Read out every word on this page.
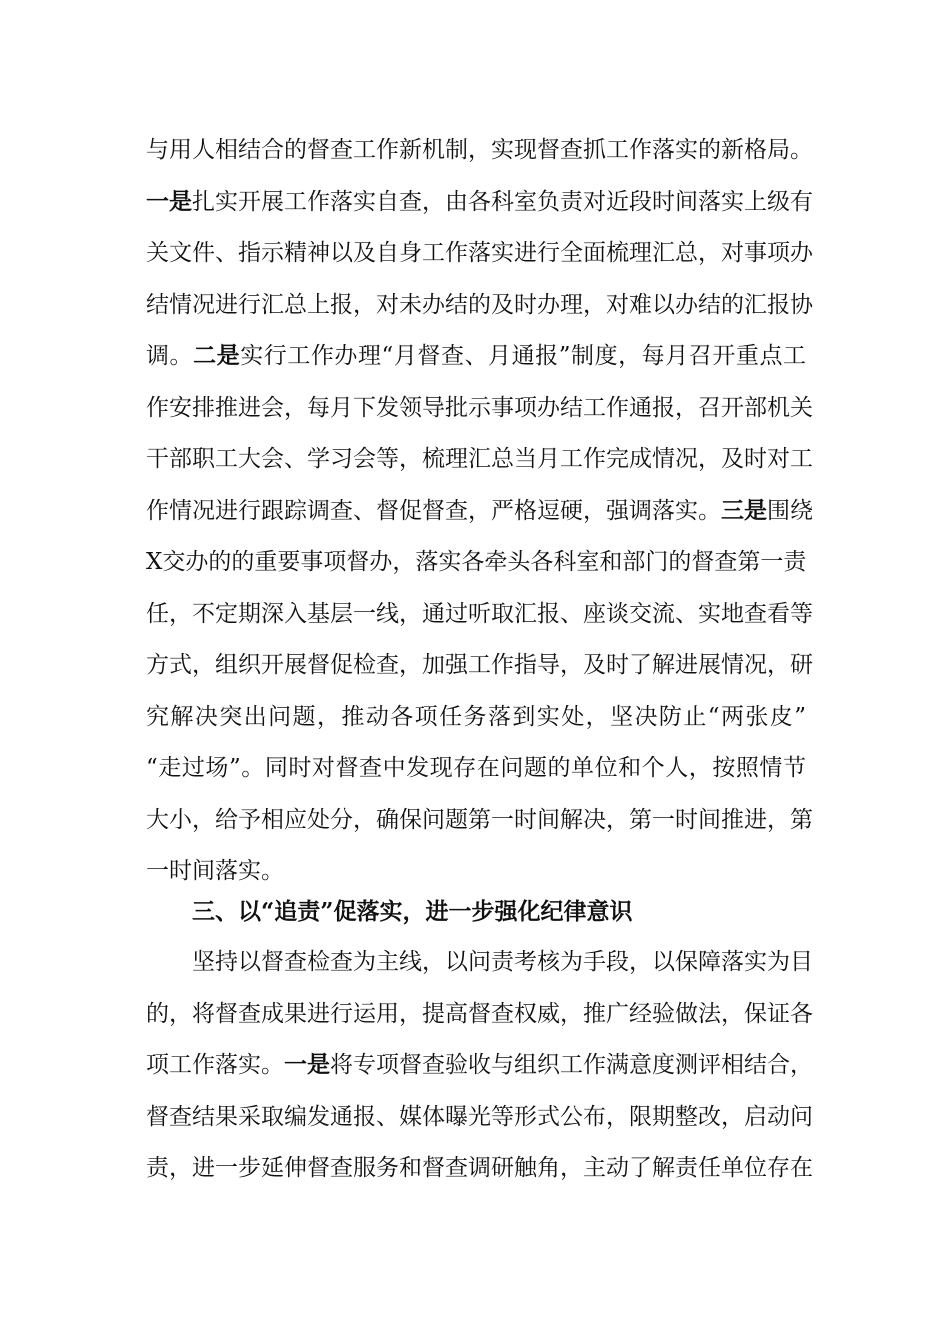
与用人相结合的督查工作新机制，实现督查抓工作落实的新格局。
一是扎实开展工作落实自查，由各科室负责对近段时间落实上级有
关文件、指示精神以及自身工作落实进行全面梳理汇总，对事项办
结情况进行汇总上报，对未办结的及时办理，对难以办结的汇报协
调。二是实行工作办理“月督查、月通报”制度，每月召开重点工
作安排推进会，每月下发领导批示事项办结工作通报，召开部机关
干部职工大会、学习会等，梳理汇总当月工作完成情况，及时对工
作情况进行跟踪调查、督促督查，严格逗硬，强调落实。三是围绕
X交办的的重要事项督办，落实各牵头各科室和部门的督查第一责
任，不定期深入基层一线，通过听取汇报、座谈交流、实地查看等
方式，组织开展督促检查，加强工作指导，及时了解进展情况，研
究解决突出问题，推动各项任务落到实处，坚决防止“两张皮”
“走过场”。同时对督查中发现存在问题的单位和个人，按照情节
大小，给予相应处分，确保问题第一时间解决，第一时间推进，第
一时间落实。
三、以“追责”促落实，进一步强化纪律意识
坚持以督查检查为主线，以问责考核为手段，以保障落实为目
的，将督查成果进行运用，提高督查权威，推广经验做法，保证各
项工作落实。一是将专项督查验收与组织工作满意度测评相结合，
督查结果采取编发通报、媒体曝光等形式公布，限期整改，启动问
责，进一步延伸督查服务和督查调研触角，主动了解责任单位存在
